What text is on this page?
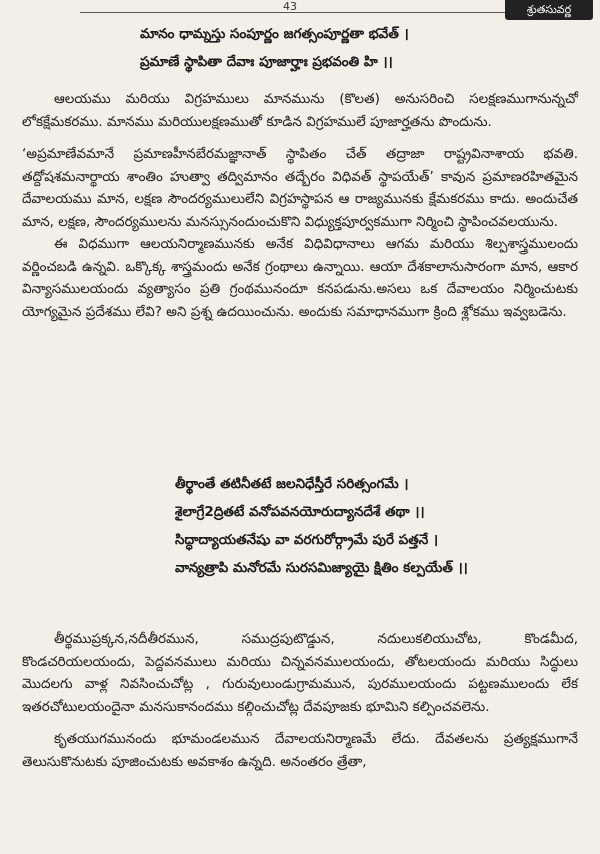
43	శ్రుతసువర్ణ
మానం ధామ్నస్తు సంపూర్ణం జగత్సంపూర్ణతా భవేత్ ।
ప్రమాణే స్థాపితా దేవాః పూజార్హాః ప్రభవంతి హి ।।

ఆలయము మరియు విగ్రహములు మానమును (కొలత) అనుసరించి సలక్షణముగానున్నచో లోకక్షేమకరము. మానము మరియులక్షణముతో కూడిన విగ్రహములే పూజార్హతను పొందును.

‘అప్రమాణేవమానే ప్రమాణహీనబేరమజ్ఞానాత్ స్థాపితం చేత్ తద్రాజా రాష్ట్రవినాశాయ భవతి. తద్దోషశమనార్థాయ శాంతిం హుత్వా తద్విమానం తద్బేరం విధివత్ స్థాపయేత్’ కావున ప్రమాణరహితమైన దేవాలయము మాన, లక్షణ సౌందర్యములులేని విగ్రహస్థాపన ఆ రాజ్యమునకు క్షేమకరము కాదు. అందుచేత మాన, లక్షణ, సౌందర్యములను మనస్సునందుంచుకొని విధ్యుక్తపూర్వకముగా నిర్మించి స్థాపించవలయును.

ఈ విధముగా ఆలయనిర్మాణమునకు అనేక విధివిధానాలు ఆగమ మరియు శిల్పశాస్త్రములందు వర్ణించబడి ఉన్నవి. ఒక్కొక్క శాస్త్రమందు అనేక గ్రంథాలు ఉన్నాయి. ఆయా దేశకాలానుసారంగా మాన, ఆకార విన్యాసములయందు వ్యత్యాసం ప్రతి గ్రంథమునందూ కనపడును.అసలు ఒక దేవాలయం నిర్మించుటకు యోగ్యమైన ప్రదేశము లేవి? అని ప్రశ్న ఉదయించును. అందుకు సమాధానముగా క్రింది శ్లోకము ఇవ్వబడెను.

తీర్థాంతే తటినీతటే జలనిధేస్తీరే సరిత్సంగమే ।
శైలాగ్రే2ద్రితటే వనోపవనయోరుద్యానదేశే తథా ।।
సిద్ధాద్యాయతనేషు వా వరగురోర్గ్రామే పురే పత్తనే ।
వాన్యత్రాపి మనోరమే సురసమిజ్యాయై క్షితిం కల్పయేత్ ।।

తీర్థముప్రక్కన,నదీతీరమున, సముద్రపుటొడ్డున, నదులుకలియుచోట, కొండమీద, కొండచరియలయందు, పెద్దవనములు మరియు చిన్నవనములయందు, తోటలయందు మరియు సిద్ధులు మొదలగు వాళ్ల నివసించుచోట్ల , గురువులుండుగ్రామమున, పురములయందు పట్టణములందు లేక ఇతరచోటులయందైనా మనసుకానందము కల్గించుచోట్ల దేవపూజకు భూమిని కల్పించవలెను.

కృతయుగమునందు భూమండలమున దేవాలయనిర్మాణమే లేదు. దేవతలను ప్రత్యక్షముగానే తెలుసుకొనుటకు పూజించుటకు అవకాశం ఉన్నది. అనంతరం త్రేతా,
